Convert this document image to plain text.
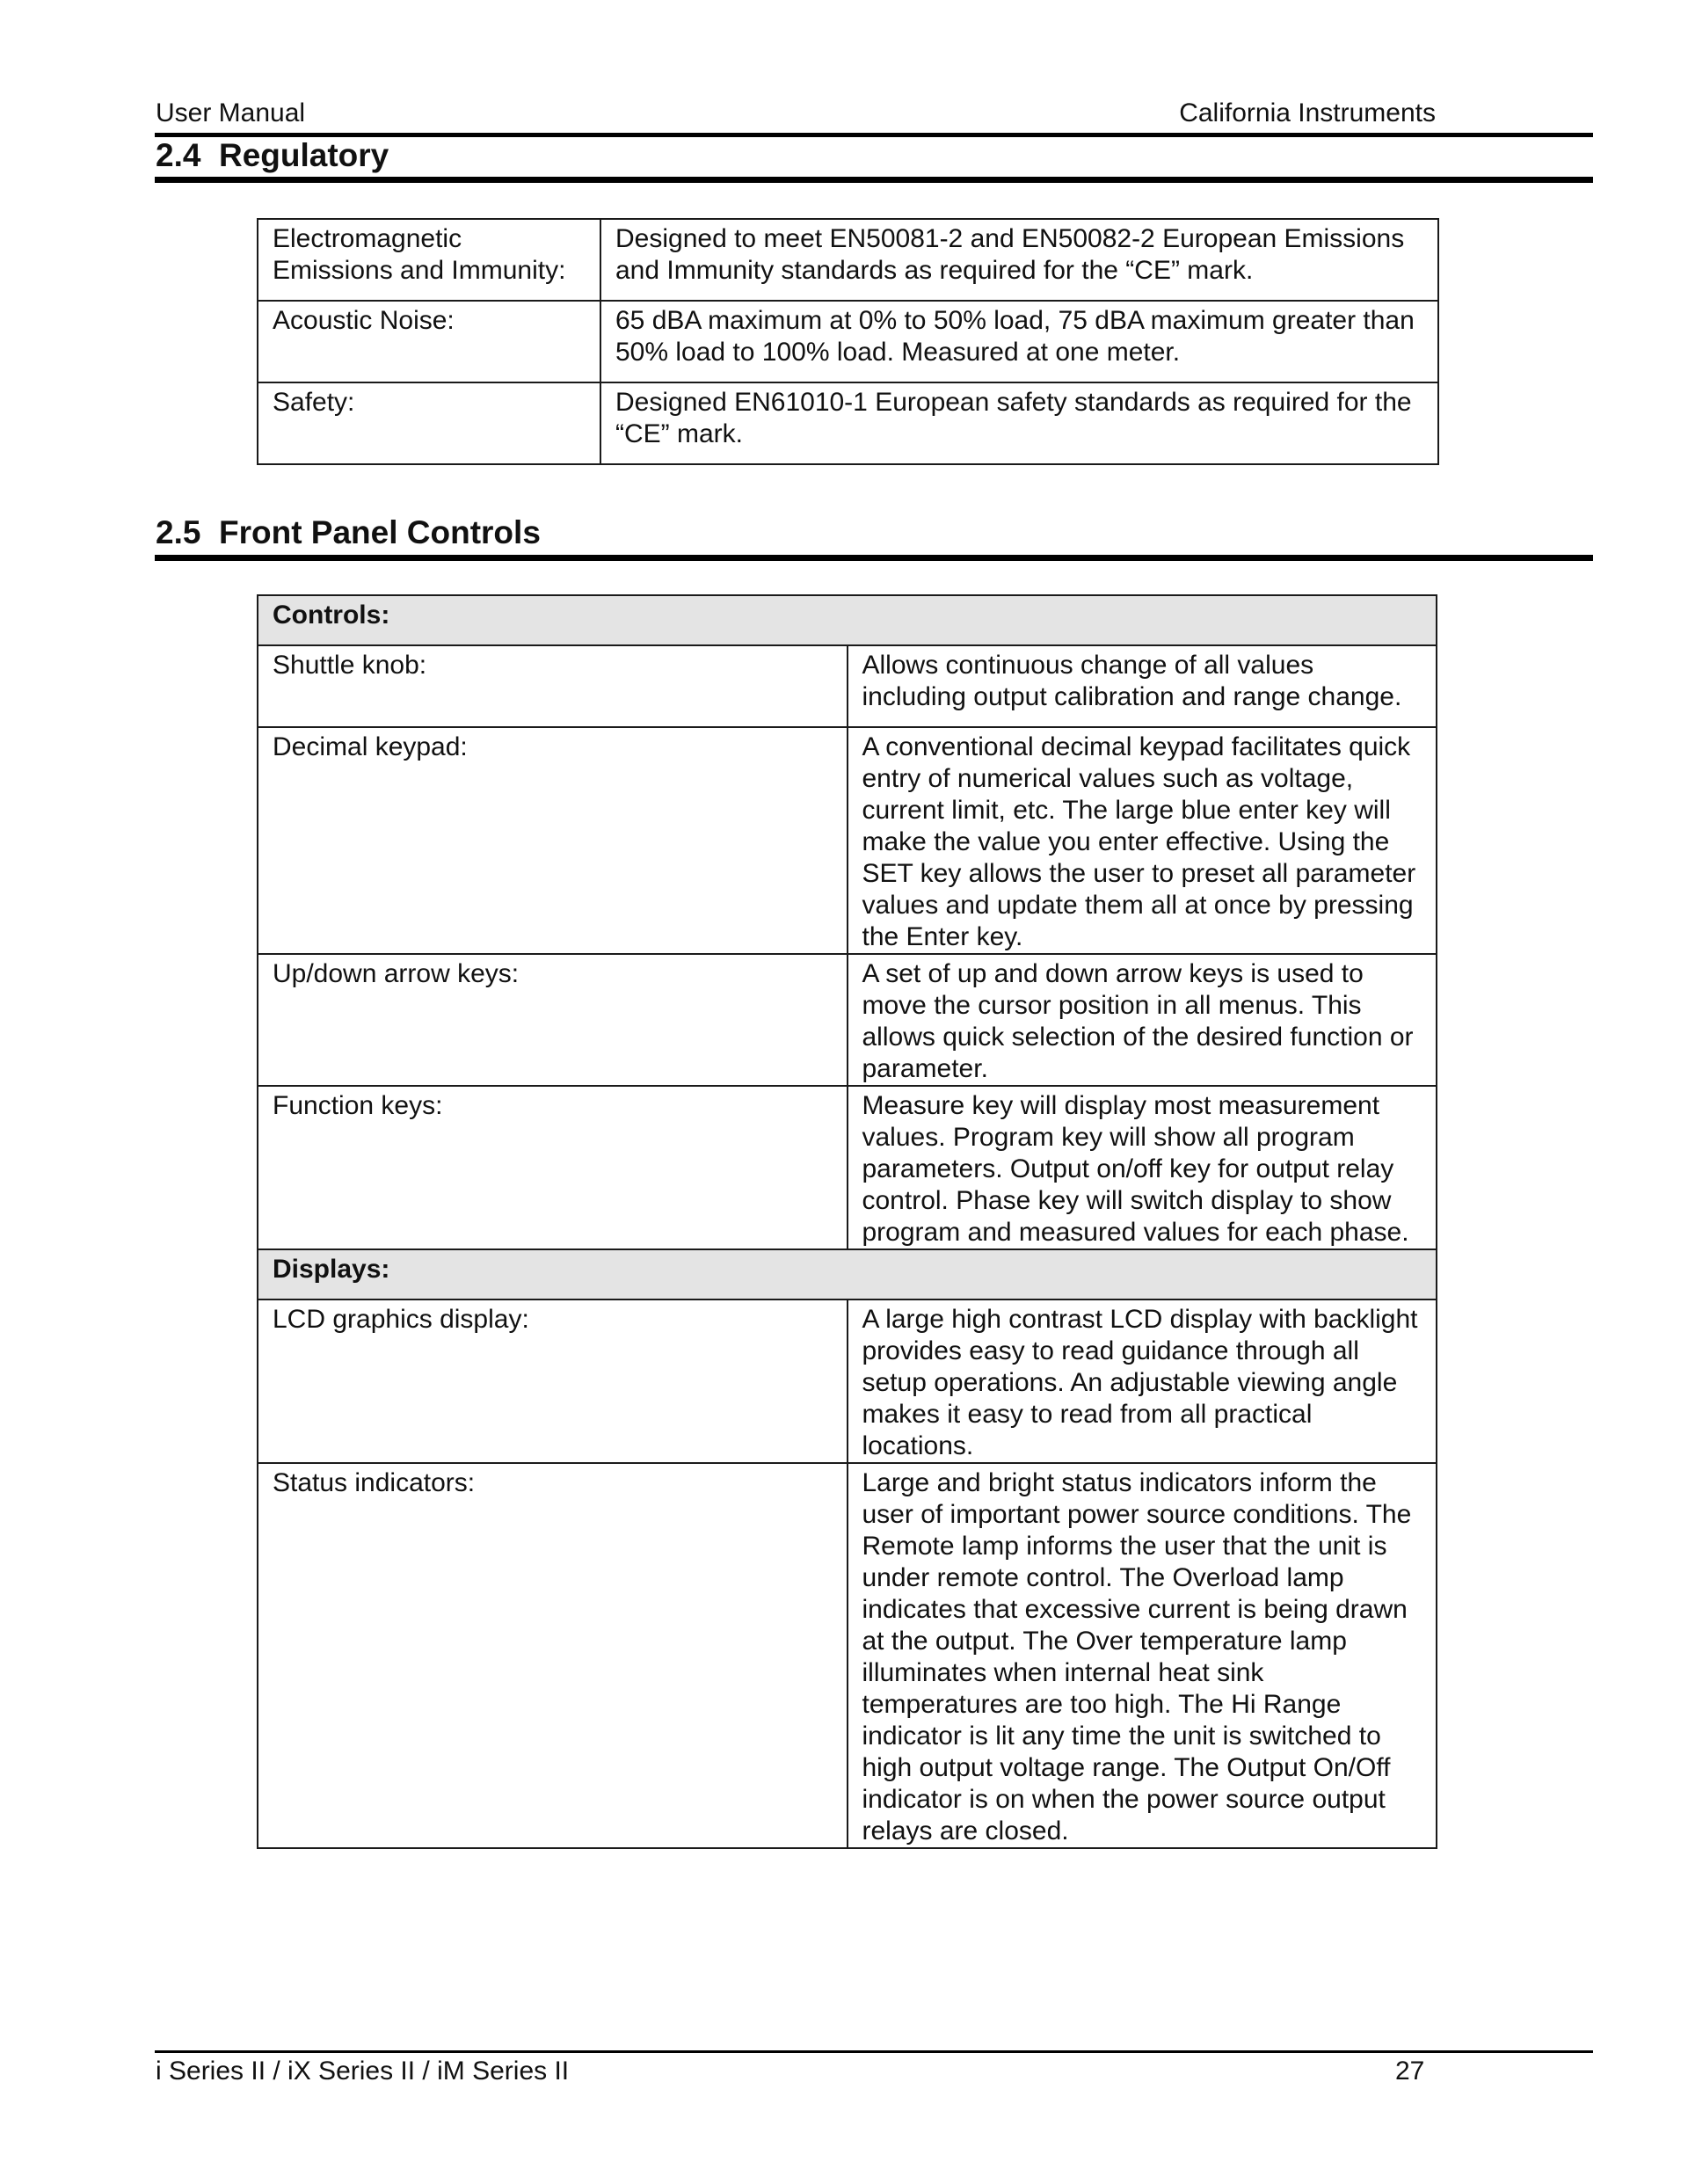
User Manual	California Instruments
2.4  Regulatory
Electromagnetic Emissions and Immunity:	Designed to meet EN50081-2 and EN50082-2 European Emissions and Immunity standards as required for the “CE” mark.
Acoustic Noise:	65 dBA maximum at 0% to 50% load, 75 dBA maximum greater than 50% load to 100% load. Measured at one meter.
Safety:	Designed EN61010-1 European safety standards as required for the “CE” mark.
2.5  Front Panel Controls
Controls:	
Shuttle knob:	Allows continuous change of all values including output calibration and range change.
Decimal keypad:	A conventional decimal keypad facilitates quick entry of numerical values such as voltage, current limit, etc. The large blue enter key will make the value you enter effective. Using the SET key allows the user to preset all parameter values and update them all at once by pressing the Enter key.
Up/down arrow keys:	A set of up and down arrow keys is used to move the cursor position in all menus. This allows quick selection of the desired function or parameter.
Function keys:	Measure key will display most measurement values. Program key will show all program parameters. Output on/off key for output relay control. Phase key will switch display to show program and measured values for each phase.
Displays:	
LCD graphics display:	A large high contrast LCD display with backlight provides easy to read guidance through all setup operations. An adjustable viewing angle makes it easy to read from all practical locations.
Status indicators:	Large and bright status indicators inform the user of important power source conditions. The Remote lamp informs the user that the unit is under remote control. The Overload lamp indicates that excessive current is being drawn at the output. The Over temperature lamp illuminates when internal heat sink temperatures are too high. The Hi Range indicator is lit any time the unit is switched to high output voltage range. The Output On/Off indicator is on when the power source output relays are closed.
i Series II / iX Series II / iM Series II	27
